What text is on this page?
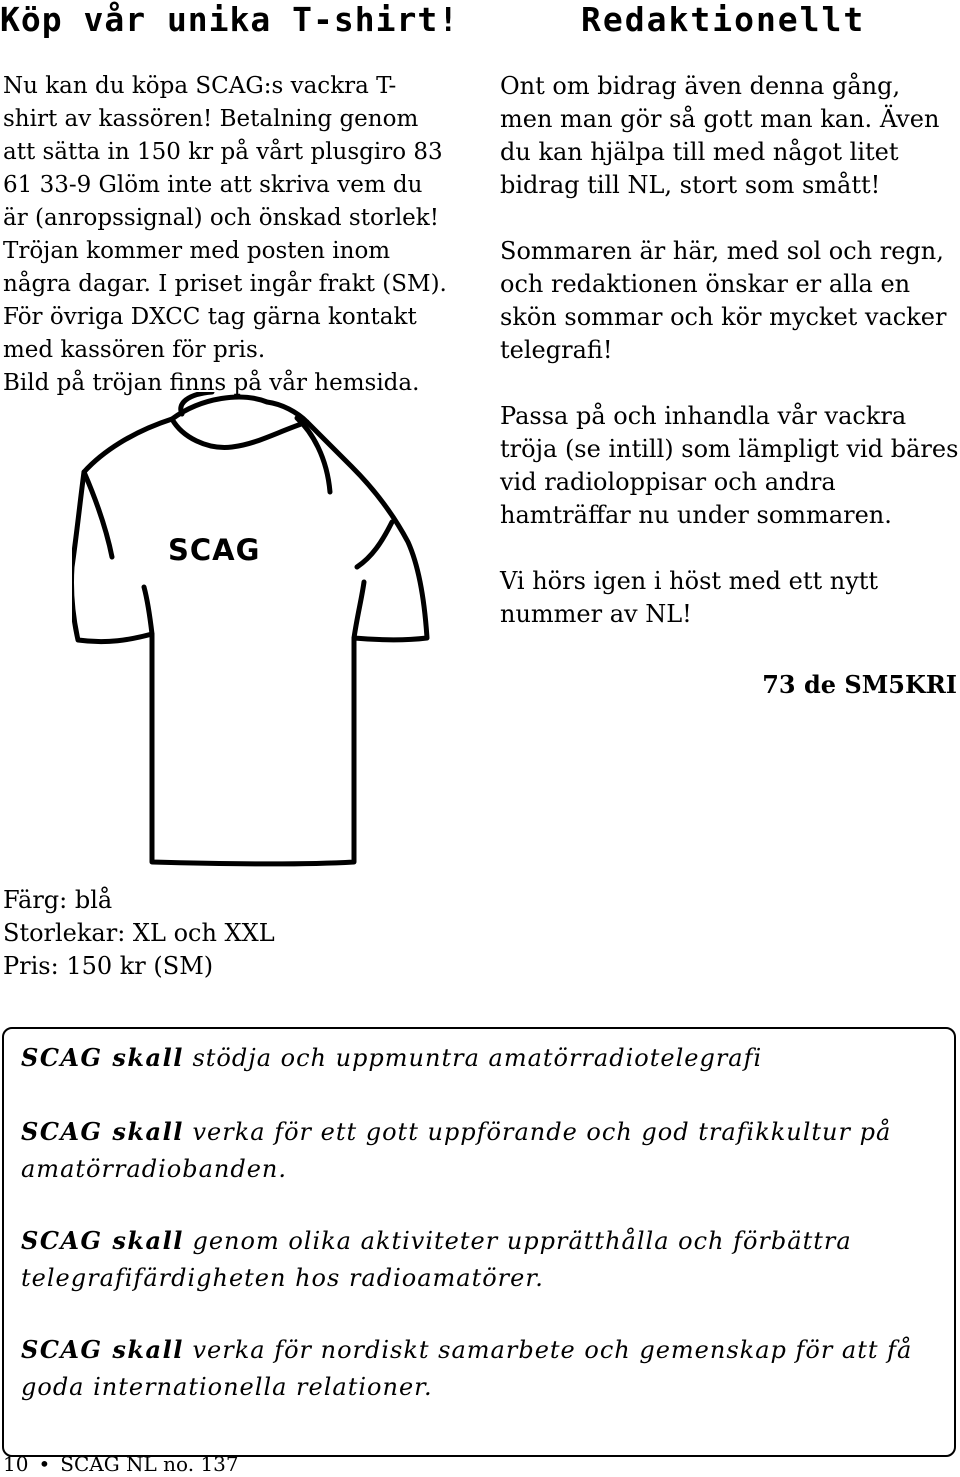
Köp vår unika T-shirt!	Redaktionellt

Nu kan du köpa SCAG:s vackra T-

shirt av kassören! Betalning genom

att sätta in 150 kr på vårt plusgiro 83

61 33-9 Glöm inte att skriva vem du

är (anropssignal) och önskad storlek!

Tröjan kommer med posten inom

några dagar. I priset ingår frakt (SM).

För övriga DXCC tag gärna kontakt

med kassören för pris.

Bild på tröjan finns på vår hemsida.

SCAG
Färg: blå
Storlekar: XL och XXL
Pris: 150 kr (SM)

Ont om bidrag även denna gång, men man gör så gott man kan. Även du kan hjälpa till med något litet bidrag till NL, stort som smått!

Sommaren är här, med sol och regn, och redaktionen önskar er alla en skön sommar och kör mycket vacker telegrafi!

Passa på och inhandla vår vackra tröja (se intill) som lämpligt vid bäres vid radioloppisar och andra hamträffar nu under sommaren.

Vi hörs igen i höst med ett nytt nummer av NL!

73 de SM5KRI

SCAG skall stödja och uppmuntra amatörradiotelegrafi

SCAG skall verka för ett gott uppförande och god trafikkultur på amatörradiobanden.

SCAG skall genom olika aktiviteter upprätthålla och förbättra telegrafifärdigheten hos radioamatörer.

SCAG skall verka för nordiskt samarbete och gemenskap för att få goda internationella relationer.

10 • SCAG NL no. 137
